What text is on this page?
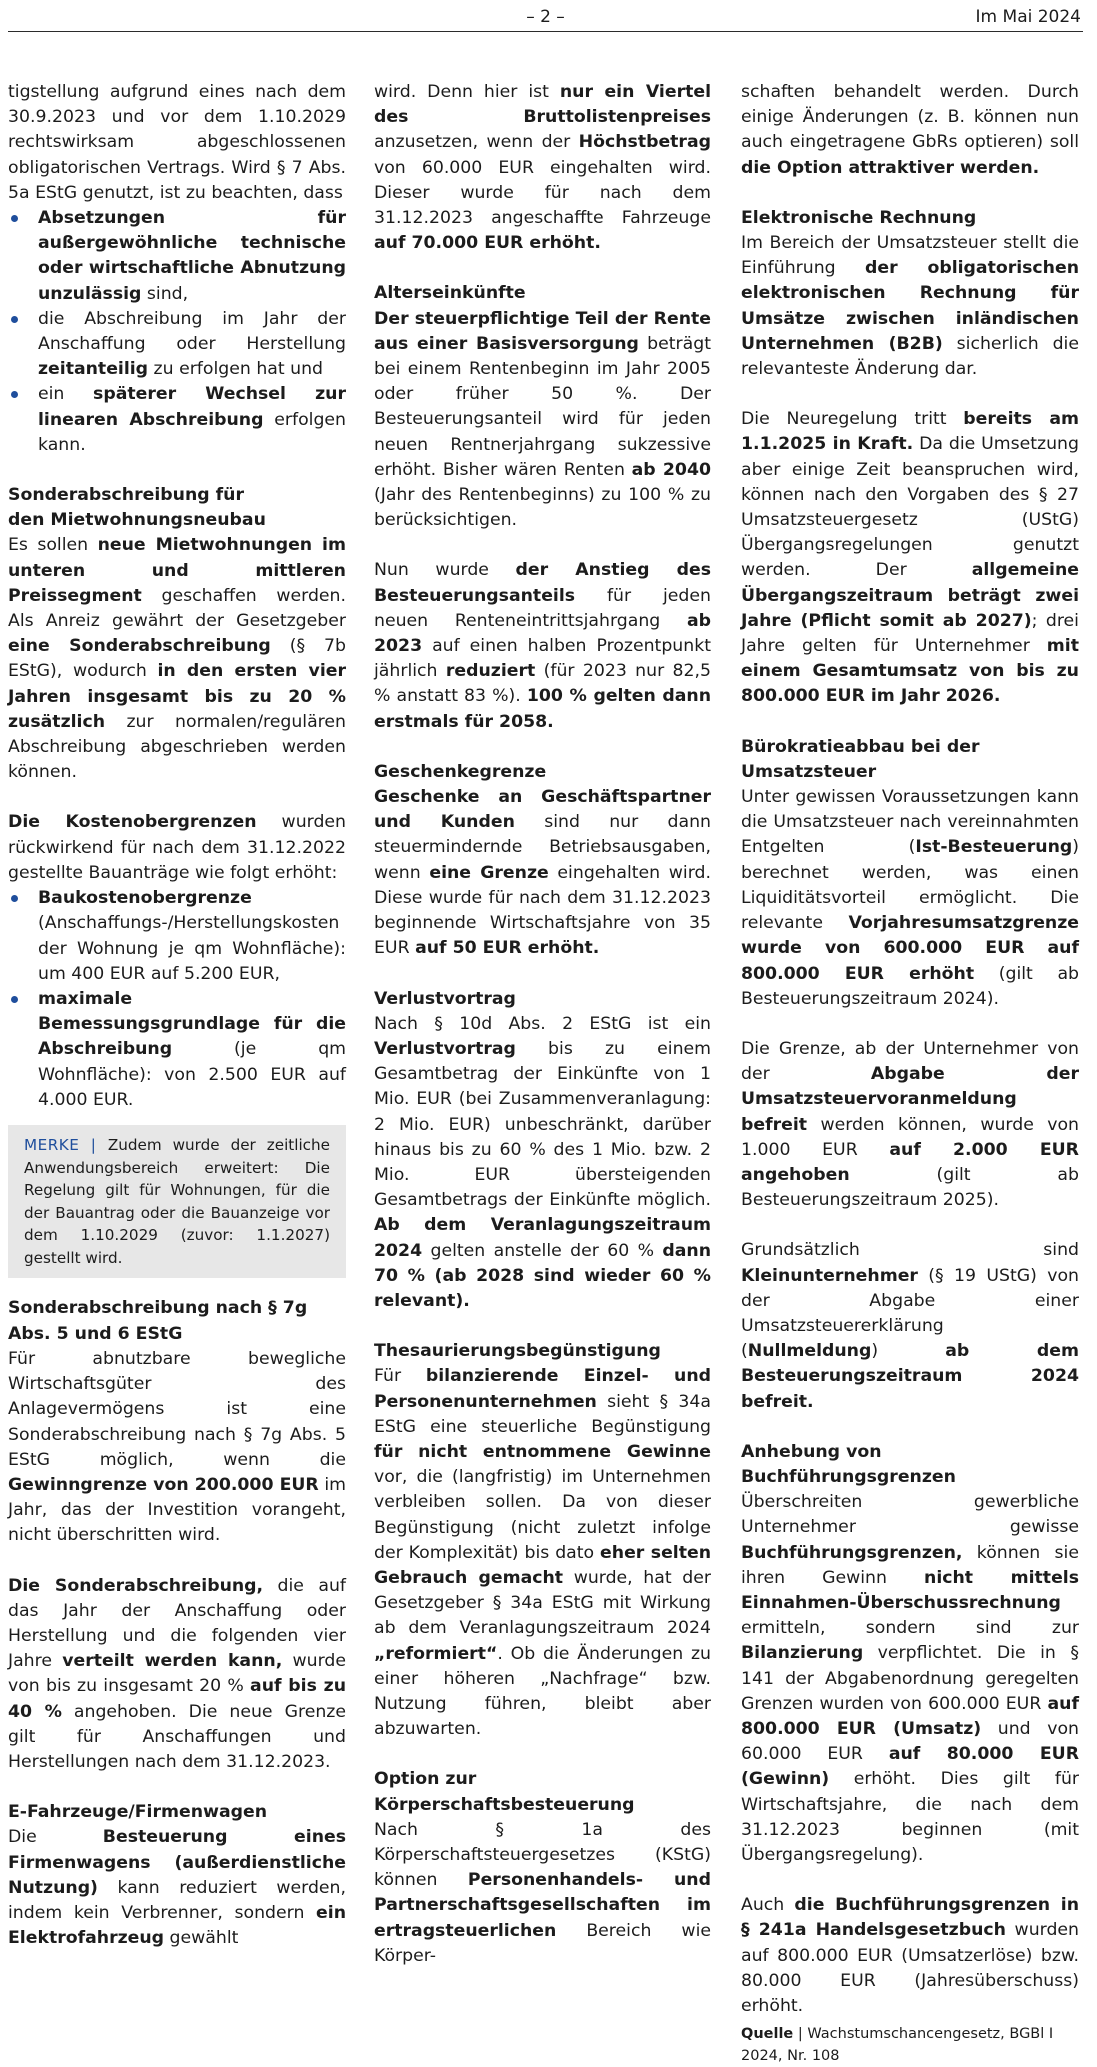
– 2 –	Im Mai 2024

tigstellung aufgrund eines nach dem 30.9.2023 und vor dem 1.10.2029 rechtswirksam abgeschlossenen obligatorischen Vertrags. Wird § 7 Abs. 5a EStG genutzt, ist zu beachten, dass

Absetzungen für außergewöhnliche technische oder wirtschaftliche Abnutzung unzulässig sind,
die Abschreibung im Jahr der Anschaffung oder Herstellung zeitanteilig zu erfolgen hat und
ein späterer Wechsel zur linearen Abschreibung erfolgen kann.
Sonderabschreibung für
den Mietwohnungsneubau

Es sollen neue Mietwohnungen im unteren und mittleren Preissegment geschaffen werden. Als Anreiz gewährt der Gesetzgeber eine Sonderabschreibung (§ 7b EStG), wodurch in den ersten vier Jahren insgesamt bis zu 20 % zusätzlich zur normalen/regulären Abschreibung abgeschrieben werden können.

Die Kostenobergrenzen wurden rückwirkend für nach dem 31.12.2022 gestellte Bauanträge wie folgt erhöht:

Baukostenobergrenze (Anschaffungs-/Herstellungskosten der Wohnung je qm Wohnfläche): um 400 EUR auf 5.200 EUR,
maximale Bemessungsgrundlage für die Abschreibung (je qm Wohnfläche): von 2.500 EUR auf 4.000 EUR.
MERKE | Zudem wurde der zeitliche Anwendungsbereich erweitert: Die Regelung gilt für Wohnungen, für die der Bauantrag oder die Bauanzeige vor dem 1.10.2029 (zuvor: 1.1.2027) gestellt wird.
Sonderabschreibung nach § 7g Abs. 5 und 6 EStG

Für abnutzbare bewegliche Wirtschaftsgüter des Anlagevermögens ist eine Sonderabschreibung nach § 7g Abs. 5 EStG möglich, wenn die Gewinngrenze von 200.000 EUR im Jahr, das der Investition vorangeht, nicht überschritten wird.

Die Sonderabschreibung, die auf das Jahr der Anschaffung oder Herstellung und die folgenden vier Jahre verteilt werden kann, wurde von bis zu insgesamt 20 % auf bis zu 40 % angehoben. Die neue Grenze gilt für Anschaffungen und Herstellungen nach dem 31.12.2023.

E-Fahrzeuge/Firmenwagen

Die Besteuerung eines Firmenwagens (außerdienstliche Nutzung) kann reduziert werden, indem kein Verbrenner, sondern ein Elektrofahrzeug gewählt

wird. Denn hier ist nur ein Viertel des Bruttolistenpreises anzusetzen, wenn der Höchstbetrag von 60.000 EUR eingehalten wird. Dieser wurde für nach dem 31.12.2023 angeschaffte Fahrzeuge auf 70.000 EUR erhöht.

Alterseinkünfte

Der steuerpflichtige Teil der Rente aus einer Basisversorgung beträgt bei einem Rentenbeginn im Jahr 2005 oder früher 50 %. Der Besteuerungsanteil wird für jeden neuen Rentnerjahrgang sukzessive erhöht. Bisher wären Renten ab 2040 (Jahr des Rentenbeginns) zu 100 % zu berücksichtigen.

Nun wurde der Anstieg des Besteuerungsanteils für jeden neuen Renteneintrittsjahrgang ab 2023 auf einen halben Prozentpunkt jährlich reduziert (für 2023 nur 82,5 % anstatt 83 %). 100 % gelten dann erstmals für 2058.

Geschenkegrenze

Geschenke an Geschäftspartner und Kunden sind nur dann steuermindernde Betriebsausgaben, wenn eine Grenze eingehalten wird. Diese wurde für nach dem 31.12.2023 beginnende Wirtschaftsjahre von 35 EUR auf 50 EUR erhöht.

Verlustvortrag

Nach § 10d Abs. 2 EStG ist ein Verlustvortrag bis zu einem Gesamtbetrag der Einkünfte von 1 Mio. EUR (bei Zusammenveranlagung: 2 Mio. EUR) unbeschränkt, darüber hinaus bis zu 60 % des 1 Mio. bzw. 2 Mio. EUR übersteigenden Gesamtbetrags der Einkünfte möglich. Ab dem Veranlagungszeitraum 2024 gelten anstelle der 60 % dann 70 % (ab 2028 sind wieder 60 % relevant).

Thesaurierungsbegünstigung

Für bilanzierende Einzel- und Personenunternehmen sieht § 34a EStG eine steuerliche Begünstigung für nicht entnommene Gewinne vor, die (langfristig) im Unternehmen verbleiben sollen. Da von dieser Begünstigung (nicht zuletzt infolge der Komplexität) bis dato eher selten Gebrauch gemacht wurde, hat der Gesetzgeber § 34a EStG mit Wirkung ab dem Veranlagungszeitraum 2024 „reformiert“. Ob die Änderungen zu einer höheren „Nachfrage“ bzw. Nutzung führen, bleibt aber abzuwarten.

Option zur Körperschaftsbesteuerung

Nach § 1a des Körperschaftsteuergesetzes (KStG) können Personenhandels- und Partnerschaftsgesellschaften im ertragsteuerlichen Bereich wie Körper-

schaften behandelt werden. Durch einige Änderungen (z. B. können nun auch eingetragene GbRs optieren) soll die Option attraktiver werden.

Elektronische Rechnung

Im Bereich der Umsatzsteuer stellt die Einführung der obligatorischen elektronischen Rechnung für Umsätze zwischen inländischen Unternehmen (B2B) sicherlich die relevanteste Änderung dar.

Die Neuregelung tritt bereits am 1.1.2025 in Kraft. Da die Umsetzung aber einige Zeit beanspruchen wird, können nach den Vorgaben des § 27 Umsatzsteuergesetz (UStG) Übergangsregelungen genutzt werden. Der allgemeine Übergangszeitraum beträgt zwei Jahre (Pflicht somit ab 2027); drei Jahre gelten für Unternehmer mit einem Gesamtumsatz von bis zu 800.000 EUR im Jahr 2026.

Bürokratieabbau bei der Umsatzsteuer

Unter gewissen Voraussetzungen kann die Umsatzsteuer nach vereinnahmten Entgelten (Ist-Besteuerung) berechnet werden, was einen Liquiditätsvorteil ermöglicht. Die relevante Vorjahresumsatzgrenze wurde von 600.000 EUR auf 800.000 EUR erhöht (gilt ab Besteuerungszeitraum 2024).

Die Grenze, ab der Unternehmer von der Abgabe der Umsatzsteuervoranmeldung befreit werden können, wurde von 1.000 EUR auf 2.000 EUR angehoben (gilt ab Besteuerungszeitraum 2025).

Grundsätzlich sind Kleinunternehmer (§ 19 UStG) von der Abgabe einer Umsatzsteuererklärung (Nullmeldung) ab dem Besteuerungszeitraum 2024 befreit.

Anhebung von Buchführungsgrenzen

Überschreiten gewerbliche Unternehmer gewisse Buchführungsgrenzen, können sie ihren Gewinn nicht mittels Einnahmen-Überschussrechnung ermitteln, sondern sind zur Bilanzierung verpflichtet. Die in § 141 der Abgabenordnung geregelten Grenzen wurden von 600.000 EUR auf 800.000 EUR (Umsatz) und von 60.000 EUR auf 80.000 EUR (Gewinn) erhöht. Dies gilt für Wirtschaftsjahre, die nach dem 31.12.2023 beginnen (mit Übergangsregelung).

Auch die Buchführungsgrenzen in § 241a Handelsgesetzbuch wurden auf 800.000 EUR (Umsatzerlöse) bzw. 80.000 EUR (Jahresüberschuss) erhöht.

Quelle | Wachstumschancengesetz, BGBl I 2024, Nr. 108
